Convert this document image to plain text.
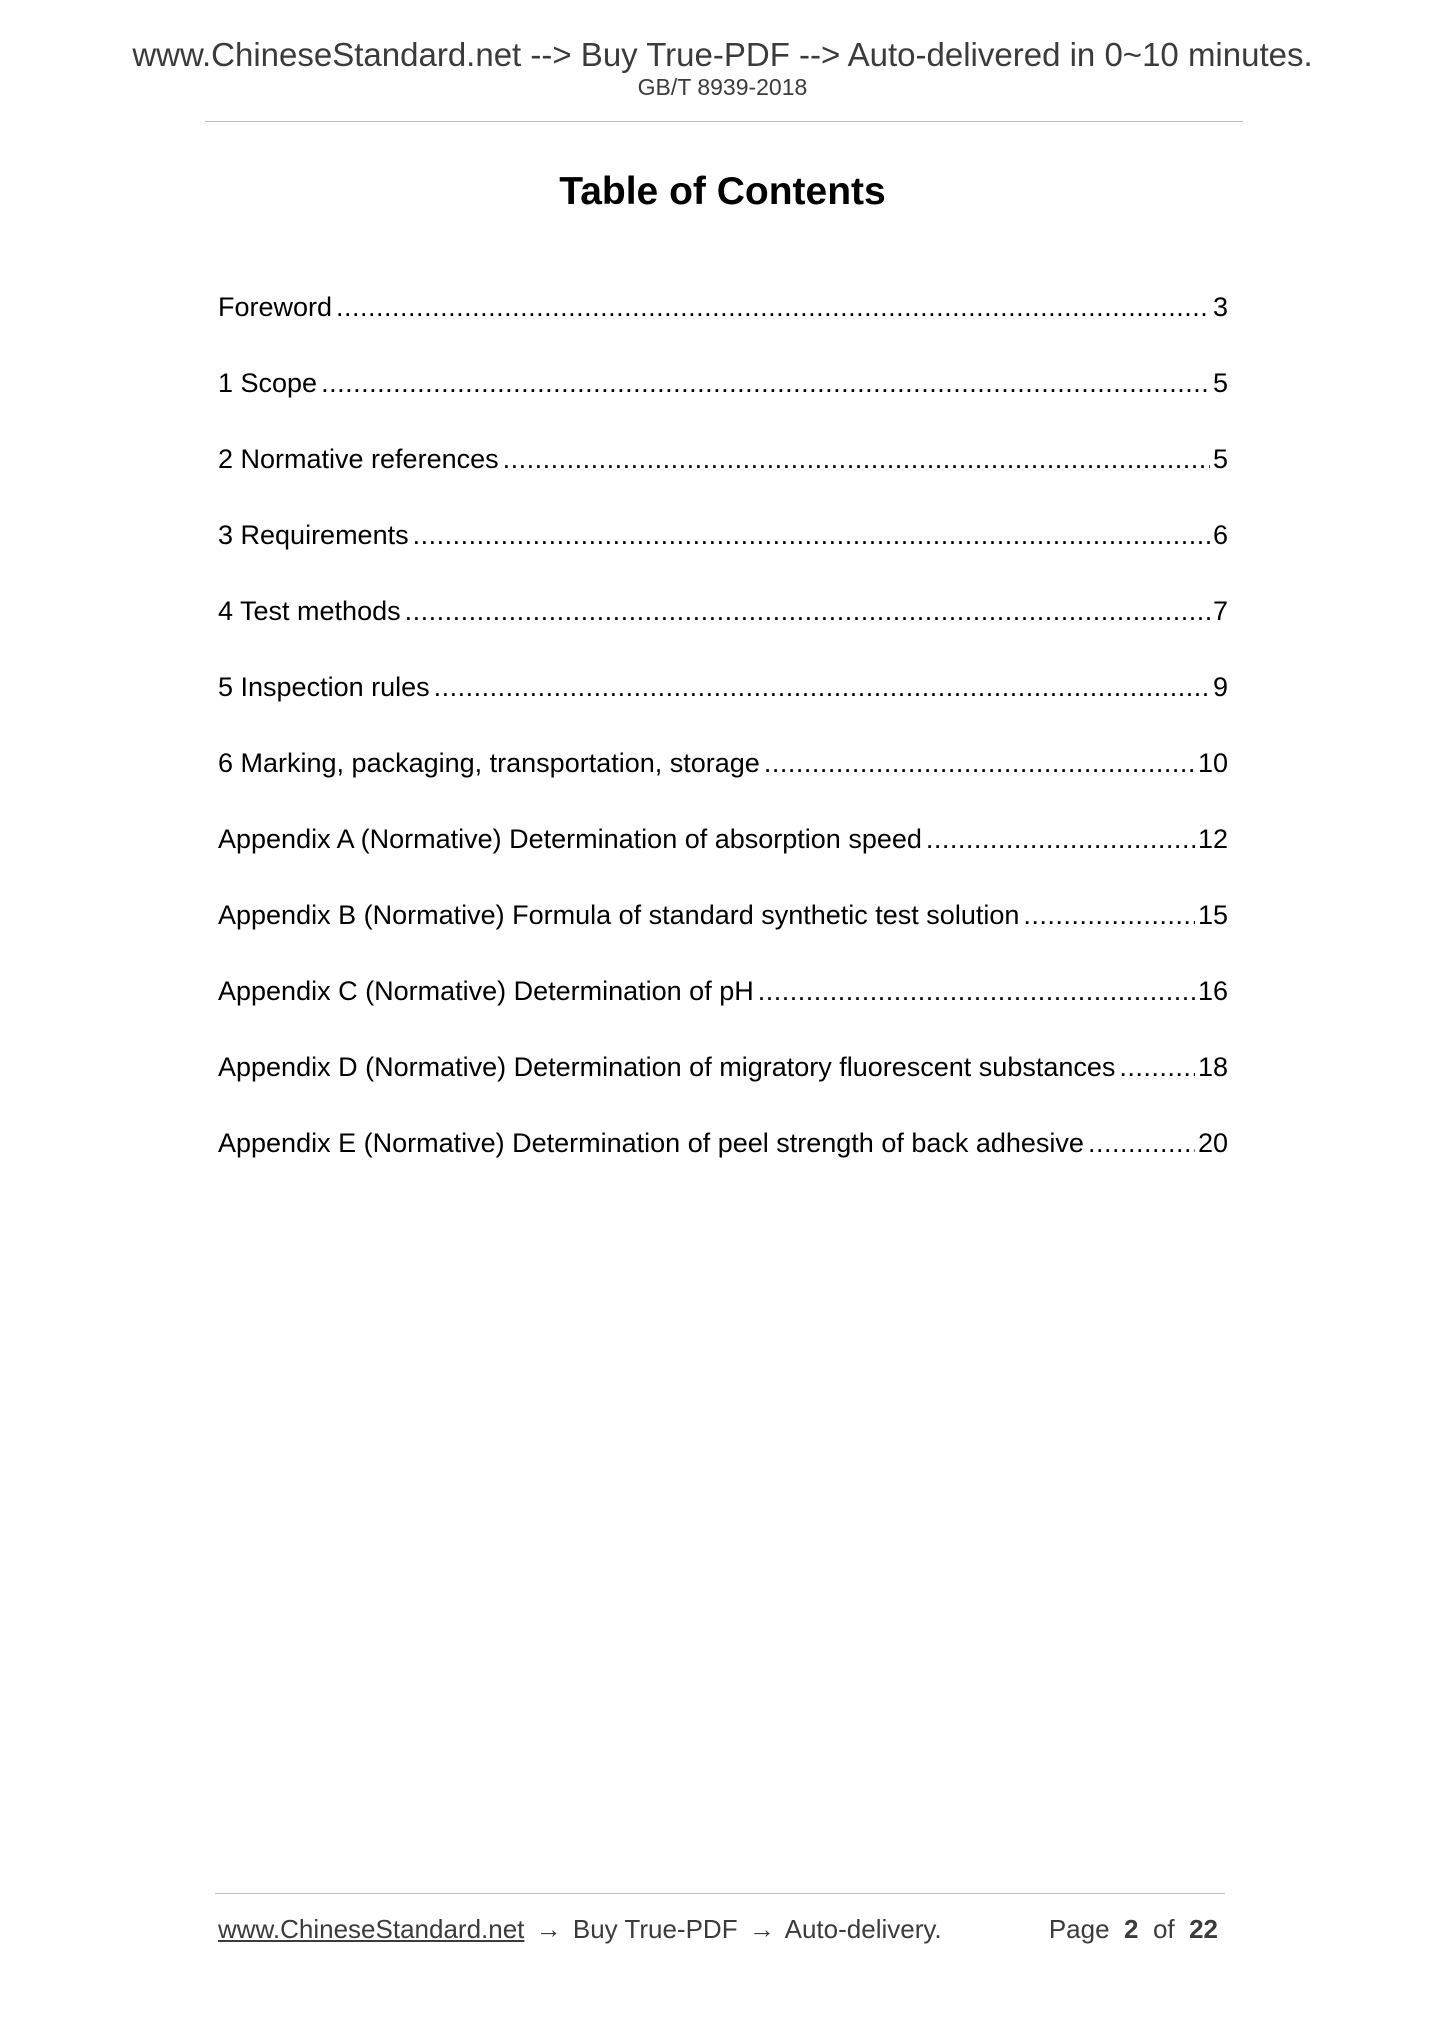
www.ChineseStandard.net --> Buy True-PDF --> Auto-delivered in 0~10 minutes.
GB/T 8939-2018
Table of Contents
Foreword .....	3
1 Scope .....	5
2 Normative references .....	5
3 Requirements .....	6
4 Test methods .....	7
5 Inspection rules .....	9
6 Marking, packaging, transportation, storage .....	10
Appendix A (Normative) Determination of absorption speed .....	12
Appendix B (Normative) Formula of standard synthetic test solution .....	15
Appendix C (Normative) Determination of pH .....	16
Appendix D (Normative) Determination of migratory fluorescent substances .....	18
Appendix E (Normative) Determination of peel strength of back adhesive .....	20
www.ChineseStandard.net → Buy True-PDF → Auto-delivery.	Page 2 of 22
